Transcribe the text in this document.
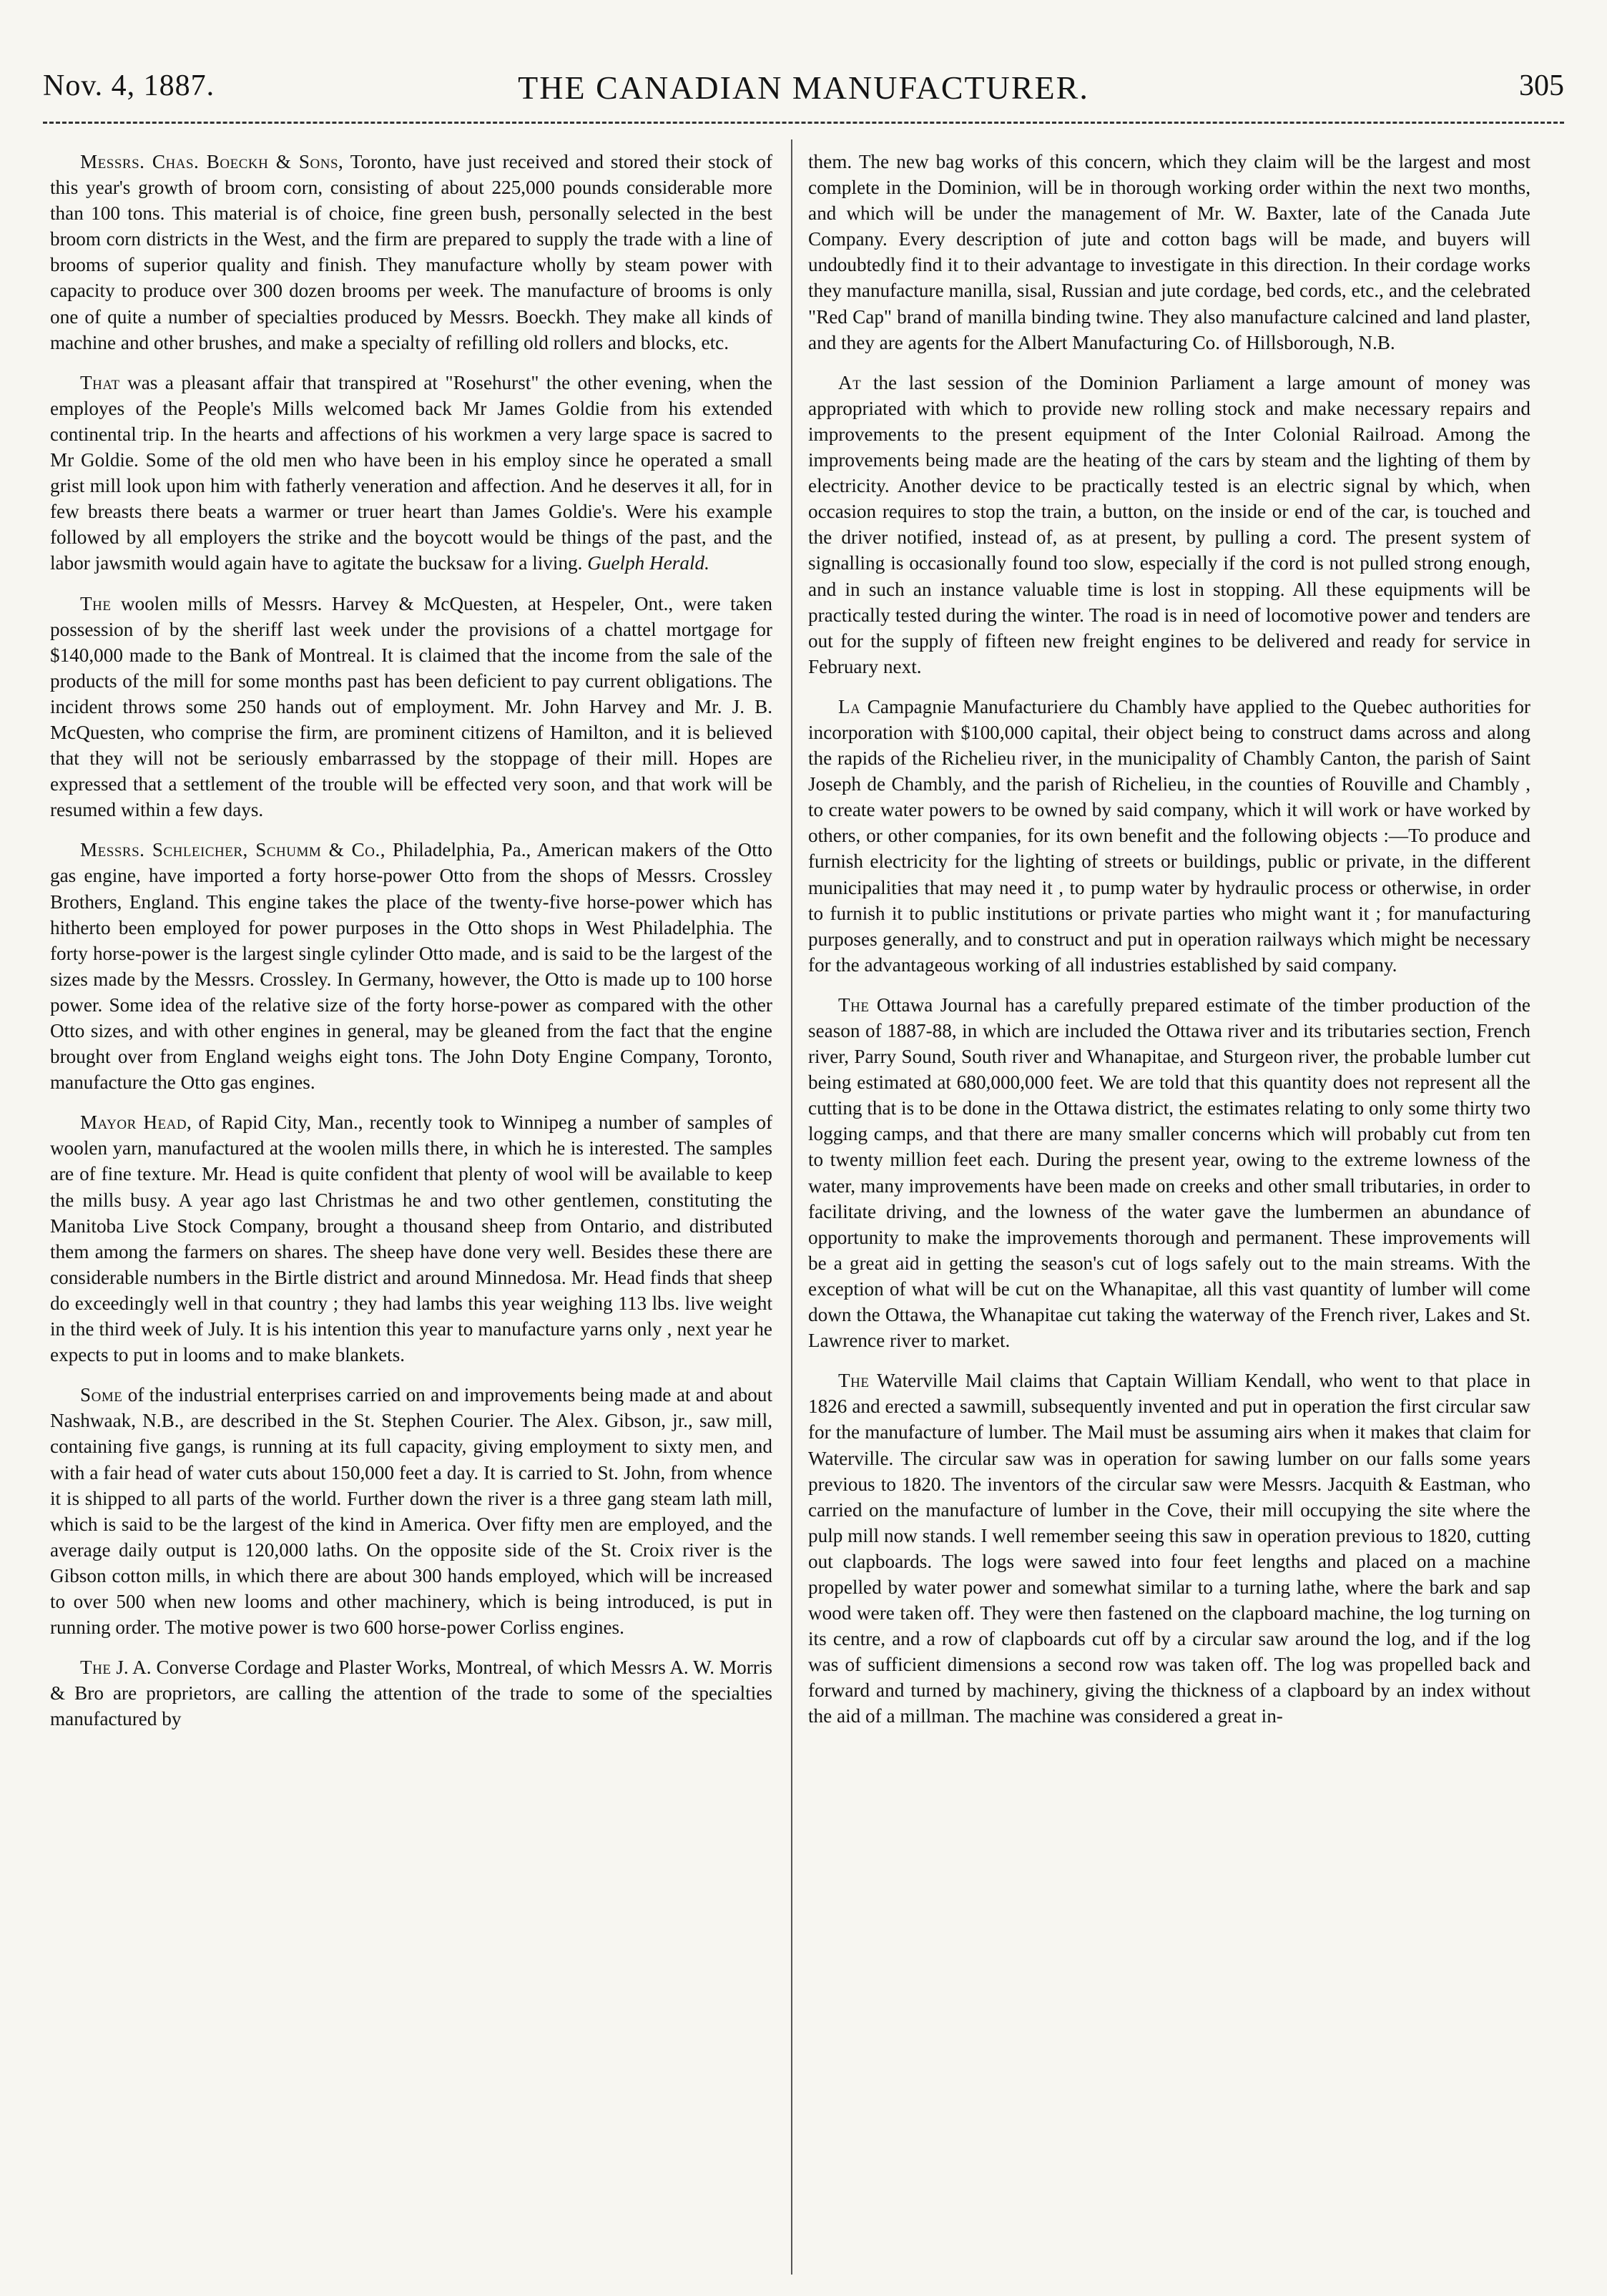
Nov. 4, 1887.	THE CANADIAN MANUFACTURER.	305

Messrs. Chas. Boeckh & Sons, Toronto, have just received and stored their stock of this year's growth of broom corn, consisting of about 225,000 pounds considerable more than 100 tons. This material is of choice, fine green bush, personally selected in the best broom corn districts in the West, and the firm are prepared to supply the trade with a line of brooms of superior quality and finish. They manufacture wholly by steam power with capacity to produce over 300 dozen brooms per week. The manufacture of brooms is only one of quite a number of specialties produced by Messrs. Boeckh. They make all kinds of machine and other brushes, and make a specialty of refilling old rollers and blocks, etc.

That was a pleasant affair that transpired at "Rosehurst" the other evening, when the employes of the People's Mills welcomed back Mr James Goldie from his extended continental trip. In the hearts and affections of his workmen a very large space is sacred to Mr Goldie. Some of the old men who have been in his employ since he operated a small grist mill look upon him with fatherly veneration and affection. And he deserves it all, for in few breasts there beats a warmer or truer heart than James Goldie's. Were his example followed by all employers the strike and the boycott would be things of the past, and the labor jawsmith would again have to agitate the bucksaw for a living. Guelph Herald.

The woolen mills of Messrs. Harvey & McQuesten, at Hespeler, Ont., were taken possession of by the sheriff last week under the provisions of a chattel mortgage for $140,000 made to the Bank of Montreal. It is claimed that the income from the sale of the products of the mill for some months past has been deficient to pay current obligations. The incident throws some 250 hands out of employment. Mr. John Harvey and Mr. J. B. McQuesten, who comprise the firm, are prominent citizens of Hamilton, and it is believed that they will not be seriously embarrassed by the stoppage of their mill. Hopes are expressed that a settlement of the trouble will be effected very soon, and that work will be resumed within a few days.

Messrs. Schleicher, Schumm & Co., Philadelphia, Pa., American makers of the Otto gas engine, have imported a forty horse-power Otto from the shops of Messrs. Crossley Brothers, England. This engine takes the place of the twenty-five horse-power which has hitherto been employed for power purposes in the Otto shops in West Philadelphia. The forty horse-power is the largest single cylinder Otto made, and is said to be the largest of the sizes made by the Messrs. Crossley. In Germany, however, the Otto is made up to 100 horse power. Some idea of the relative size of the forty horse-power as compared with the other Otto sizes, and with other engines in general, may be gleaned from the fact that the engine brought over from England weighs eight tons. The John Doty Engine Company, Toronto, manufacture the Otto gas engines.

Mayor Head, of Rapid City, Man., recently took to Winnipeg a number of samples of woolen yarn, manufactured at the woolen mills there, in which he is interested. The samples are of fine texture. Mr. Head is quite confident that plenty of wool will be available to keep the mills busy. A year ago last Christmas he and two other gentlemen, constituting the Manitoba Live Stock Company, brought a thousand sheep from Ontario, and distributed them among the farmers on shares. The sheep have done very well. Besides these there are considerable numbers in the Birtle district and around Minnedosa. Mr. Head finds that sheep do exceedingly well in that country ; they had lambs this year weighing 113 lbs. live weight in the third week of July. It is his intention this year to manufacture yarns only , next year he expects to put in looms and to make blankets.

Some of the industrial enterprises carried on and improvements being made at and about Nashwaak, N.B., are described in the St. Stephen Courier. The Alex. Gibson, jr., saw mill, containing five gangs, is running at its full capacity, giving employment to sixty men, and with a fair head of water cuts about 150,000 feet a day. It is carried to St. John, from whence it is shipped to all parts of the world. Further down the river is a three gang steam lath mill, which is said to be the largest of the kind in America. Over fifty men are employed, and the average daily output is 120,000 laths. On the opposite side of the St. Croix river is the Gibson cotton mills, in which there are about 300 hands employed, which will be increased to over 500 when new looms and other machinery, which is being introduced, is put in running order. The motive power is two 600 horse-power Corliss engines.

The J. A. Converse Cordage and Plaster Works, Montreal, of which Messrs A. W. Morris & Bro are proprietors, are calling the attention of the trade to some of the specialties manufactured by

them. The new bag works of this concern, which they claim will be the largest and most complete in the Dominion, will be in thorough working order within the next two months, and which will be under the management of Mr. W. Baxter, late of the Canada Jute Company. Every description of jute and cotton bags will be made, and buyers will undoubtedly find it to their advantage to investigate in this direction. In their cordage works they manufacture manilla, sisal, Russian and jute cordage, bed cords, etc., and the celebrated "Red Cap" brand of manilla binding twine. They also manufacture calcined and land plaster, and they are agents for the Albert Manufacturing Co. of Hillsborough, N.B.

At the last session of the Dominion Parliament a large amount of money was appropriated with which to provide new rolling stock and make necessary repairs and improvements to the present equipment of the Inter Colonial Railroad. Among the improvements being made are the heating of the cars by steam and the lighting of them by electricity. Another device to be practically tested is an electric signal by which, when occasion requires to stop the train, a button, on the inside or end of the car, is touched and the driver notified, instead of, as at present, by pulling a cord. The present system of signalling is occasionally found too slow, especially if the cord is not pulled strong enough, and in such an instance valuable time is lost in stopping. All these equipments will be practically tested during the winter. The road is in need of locomotive power and tenders are out for the supply of fifteen new freight engines to be delivered and ready for service in February next.

La Campagnie Manufacturiere du Chambly have applied to the Quebec authorities for incorporation with $100,000 capital, their object being to construct dams across and along the rapids of the Richelieu river, in the municipality of Chambly Canton, the parish of Saint Joseph de Chambly, and the parish of Richelieu, in the counties of Rouville and Chambly , to create water powers to be owned by said company, which it will work or have worked by others, or other companies, for its own benefit and the following objects :—To produce and furnish electricity for the lighting of streets or buildings, public or private, in the different municipalities that may need it , to pump water by hydraulic process or otherwise, in order to furnish it to public institutions or private parties who might want it ; for manufacturing purposes generally, and to construct and put in operation railways which might be necessary for the advantageous working of all industries established by said company.

The Ottawa Journal has a carefully prepared estimate of the timber production of the season of 1887-88, in which are included the Ottawa river and its tributaries section, French river, Parry Sound, South river and Whanapitae, and Sturgeon river, the probable lumber cut being estimated at 680,000,000 feet. We are told that this quantity does not represent all the cutting that is to be done in the Ottawa district, the estimates relating to only some thirty two logging camps, and that there are many smaller concerns which will probably cut from ten to twenty million feet each. During the present year, owing to the extreme lowness of the water, many improvements have been made on creeks and other small tributaries, in order to facilitate driving, and the lowness of the water gave the lumbermen an abundance of opportunity to make the improvements thorough and permanent. These improvements will be a great aid in getting the season's cut of logs safely out to the main streams. With the exception of what will be cut on the Whanapitae, all this vast quantity of lumber will come down the Ottawa, the Whanapitae cut taking the waterway of the French river, Lakes and St. Lawrence river to market.

The Waterville Mail claims that Captain William Kendall, who went to that place in 1826 and erected a sawmill, subsequently invented and put in operation the first circular saw for the manufacture of lumber. The Mail must be assuming airs when it makes that claim for Waterville. The circular saw was in operation for sawing lumber on our falls some years previous to 1820. The inventors of the circular saw were Messrs. Jacquith & Eastman, who carried on the manufacture of lumber in the Cove, their mill occupying the site where the pulp mill now stands. I well remember seeing this saw in operation previous to 1820, cutting out clapboards. The logs were sawed into four feet lengths and placed on a machine propelled by water power and somewhat similar to a turning lathe, where the bark and sap wood were taken off. They were then fastened on the clapboard machine, the log turning on its centre, and a row of clapboards cut off by a circular saw around the log, and if the log was of sufficient dimensions a second row was taken off. The log was propelled back and forward and turned by machinery, giving the thickness of a clapboard by an index without the aid of a millman. The machine was considered a great in-
